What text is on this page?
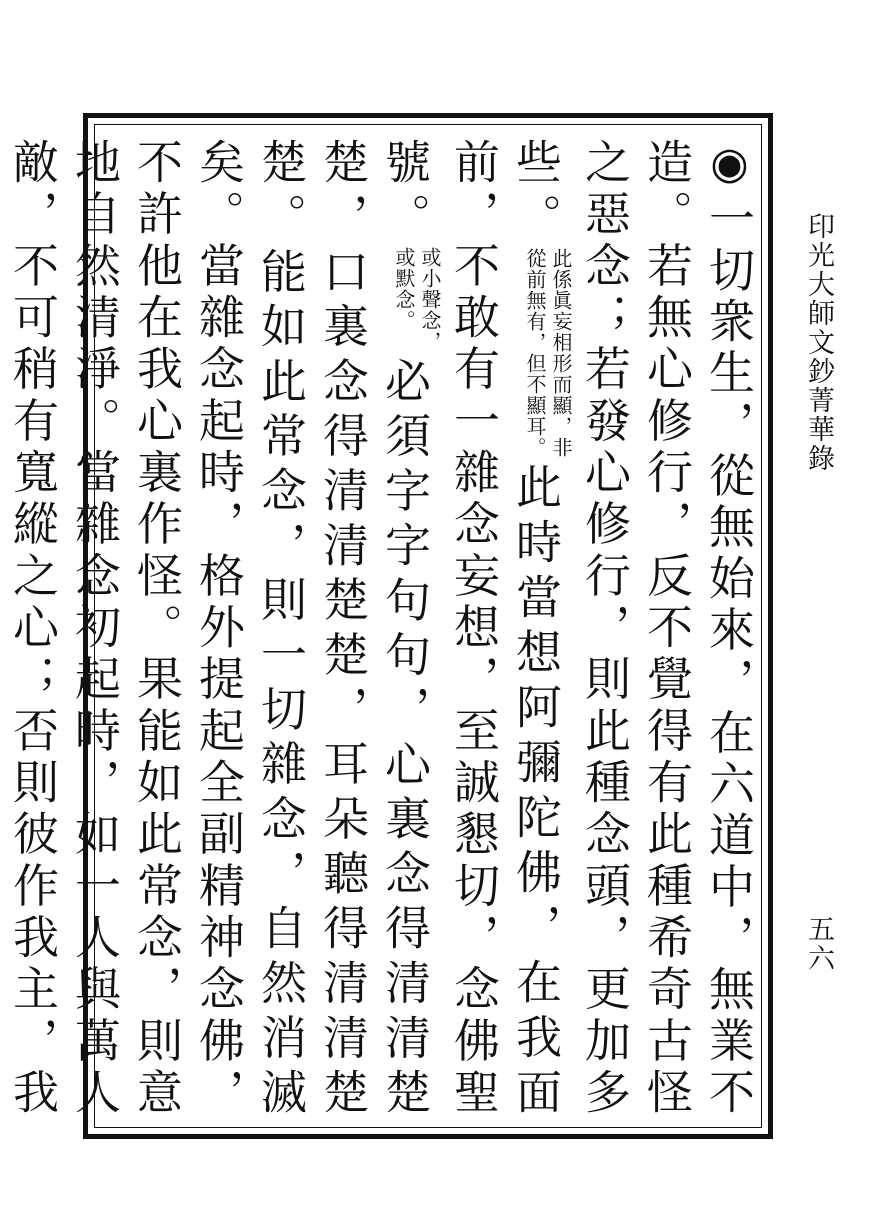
印光大師文鈔菁華錄
五六
◉一切衆生，從無始來，在六道中，無業不造。若無心修行，反不覺得有此種希奇古怪之惡念；若發心修行，則此種念頭，更加多些。
此係眞妄相形而顯，非
從前無有，但不顯耳。
此時當想阿彌陀佛，在我面前，不敢有一雜念妄想，至誠懇切，念佛聖號。
或小聲念，
或默念。
必須字字句句，心裏念得清清楚楚，口裏念得清清楚楚，耳朵聽得清清楚楚。能如此常念，則一切雜念，自然消滅矣。當雜念起時，格外提起全副精神念佛，不許他在我心裏作怪。果能如此常念，則意地自然清淨。當雜念初起時，如一人與萬人敵，不可稍有寬縱之心；否則彼作我主，我
